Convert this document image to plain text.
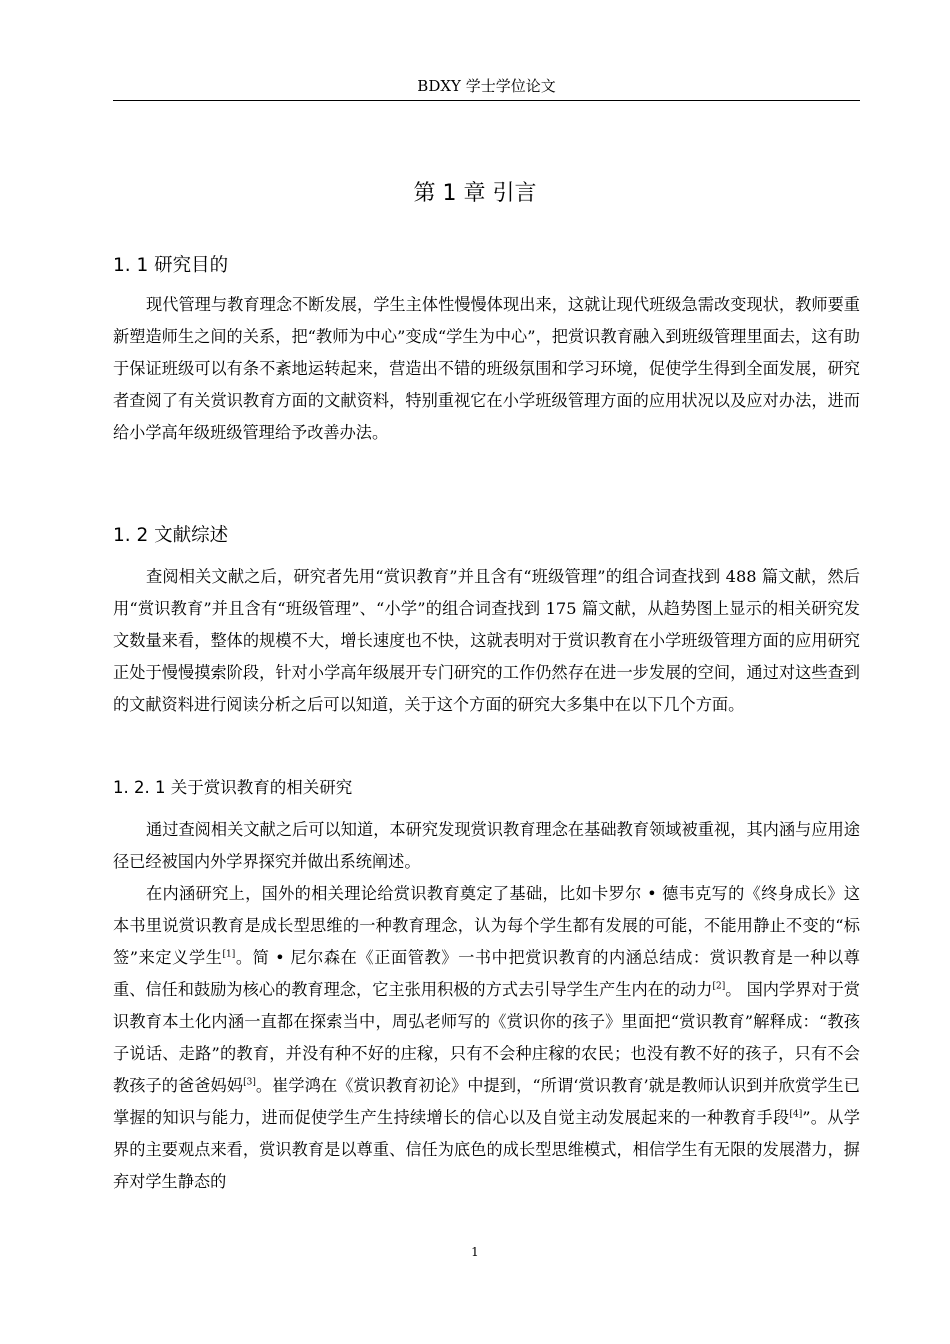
BDXY 学士学位论文
第 1 章 引言
1. 1 研究目的

现代管理与教育理念不断发展，学生主体性慢慢体现出来，这就让现代班级急需改变现状，教师要重新塑造师生之间的关系，把“教师为中心”变成“学生为中心”，把赏识教育融入到班级管理里面去，这有助于保证班级可以有条不紊地运转起来，营造出不错的班级氛围和学习环境，促使学生得到全面发展，研究者查阅了有关赏识教育方面的文献资料，特别重视它在小学班级管理方面的应用状况以及应对办法，进而给小学高年级班级管理给予改善办法。

1. 2 文献综述

查阅相关文献之后，研究者先用“赏识教育”并且含有“班级管理”的组合词查找到 488 篇文献，然后用“赏识教育”并且含有“班级管理”、“小学”的组合词查找到 175 篇文献，从趋势图上显示的相关研究发文数量来看，整体的规模不大，增长速度也不快，这就表明对于赏识教育在小学班级管理方面的应用研究正处于慢慢摸索阶段，针对小学高年级展开专门研究的工作仍然存在进一步发展的空间，通过对这些查到的文献资料进行阅读分析之后可以知道，关于这个方面的研究大多集中在以下几个方面。

1. 2. 1 关于赏识教育的相关研究

通过查阅相关文献之后可以知道，本研究发现赏识教育理念在基础教育领域被重视，其内涵与应用途径已经被国内外学界探究并做出系统阐述。

在内涵研究上，国外的相关理论给赏识教育奠定了基础，比如卡罗尔 • 德韦克写的《终身成长》这本书里说赏识教育是成长型思维的一种教育理念，认为每个学生都有发展的可能，不能用静止不变的“标签”来定义学生[1]。简 • 尼尔森在《正面管教》一书中把赏识教育的内涵总结成：赏识教育是一种以尊重、信任和鼓励为核心的教育理念，它主张用积极的方式去引导学生产生内在的动力[2]。 国内学界对于赏识教育本土化内涵一直都在探索当中，周弘老师写的《赏识你的孩子》里面把“赏识教育”解释成：“教孩子说话、走路”的教育，并没有种不好的庄稼，只有不会种庄稼的农民；也没有教不好的孩子，只有不会教孩子的爸爸妈妈[3]。崔学鸿在《赏识教育初论》中提到，“所谓‘赏识教育’就是教师认识到并欣赏学生已掌握的知识与能力，进而促使学生产生持续增长的信心以及自觉主动发展起来的一种教育手段[4]”。从学界的主要观点来看，赏识教育是以尊重、信任为底色的成长型思维模式，相信学生有无限的发展潜力，摒弃对学生静态的

1
